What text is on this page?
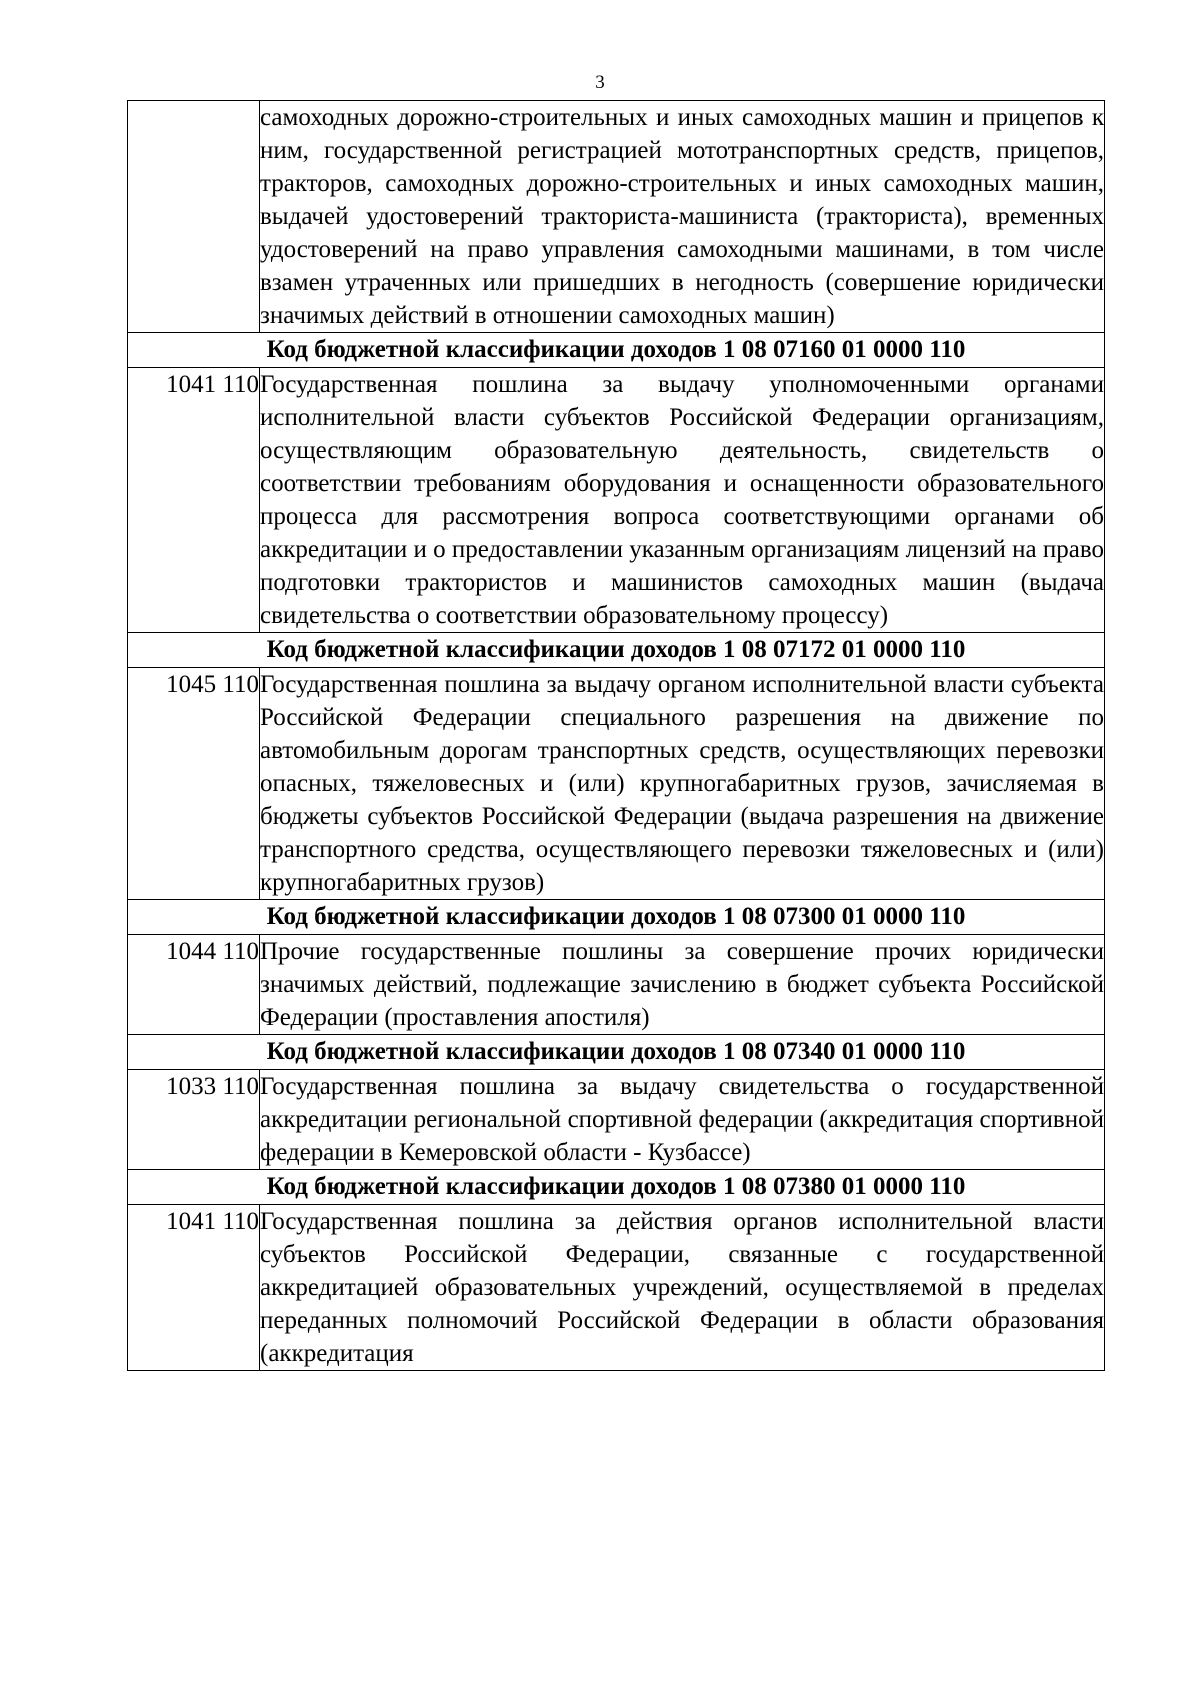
3
	самоходных дорожно-строительных и иных самоходных машин и прицепов к ним, государственной регистрацией мототранспортных средств, прицепов, тракторов, самоходных дорожно-строительных и иных самоходных машин, выдачей удостоверений тракториста-машиниста (тракториста), временных удостоверений на право управления самоходными машинами, в том числе взамен утраченных или пришедших в негодность (совершение юридически значимых действий в отношении самоходных машин)
Код бюджетной классификации доходов 1 08 07160 01 0000 110	
1041 110	Государственная пошлина за выдачу уполномоченными органами исполнительной власти субъектов Российской Федерации организациям, осуществляющим образовательную деятельность, свидетельств о соответствии требованиям оборудования и оснащенности образовательного процесса для рассмотрения вопроса соответствующими органами об аккредитации и о предоставлении указанным организациям лицензий на право подготовки трактористов и машинистов самоходных машин (выдача свидетельства о соответствии образовательному процессу)
Код бюджетной классификации доходов 1 08 07172 01 0000 110	
1045 110	Государственная пошлина за выдачу органом исполнительной власти субъекта Российской Федерации специального разрешения на движение по автомобильным дорогам транспортных средств, осуществляющих перевозки опасных, тяжеловесных и (или) крупногабаритных грузов, зачисляемая в бюджеты субъектов Российской Федерации (выдача разрешения на движение транспортного средства, осуществляющего перевозки тяжеловесных и (или) крупногабаритных грузов)
Код бюджетной классификации доходов 1 08 07300 01 0000 110	
1044 110	Прочие государственные пошлины за совершение прочих юридически значимых действий, подлежащие зачислению в бюджет субъекта Российской Федерации (проставления апостиля)
Код бюджетной классификации доходов 1 08 07340 01 0000 110	
1033 110	Государственная пошлина за выдачу свидетельства о государственной аккредитации региональной спортивной федерации (аккредитация спортивной федерации в Кемеровской области - Кузбассе)
Код бюджетной классификации доходов 1 08 07380 01 0000 110	
1041 110	Государственная пошлина за действия органов исполнительной власти субъектов Российской Федерации, связанные с государственной аккредитацией образовательных учреждений, осуществляемой в пределах переданных полномочий Российской Федерации в области образования (аккредитация
